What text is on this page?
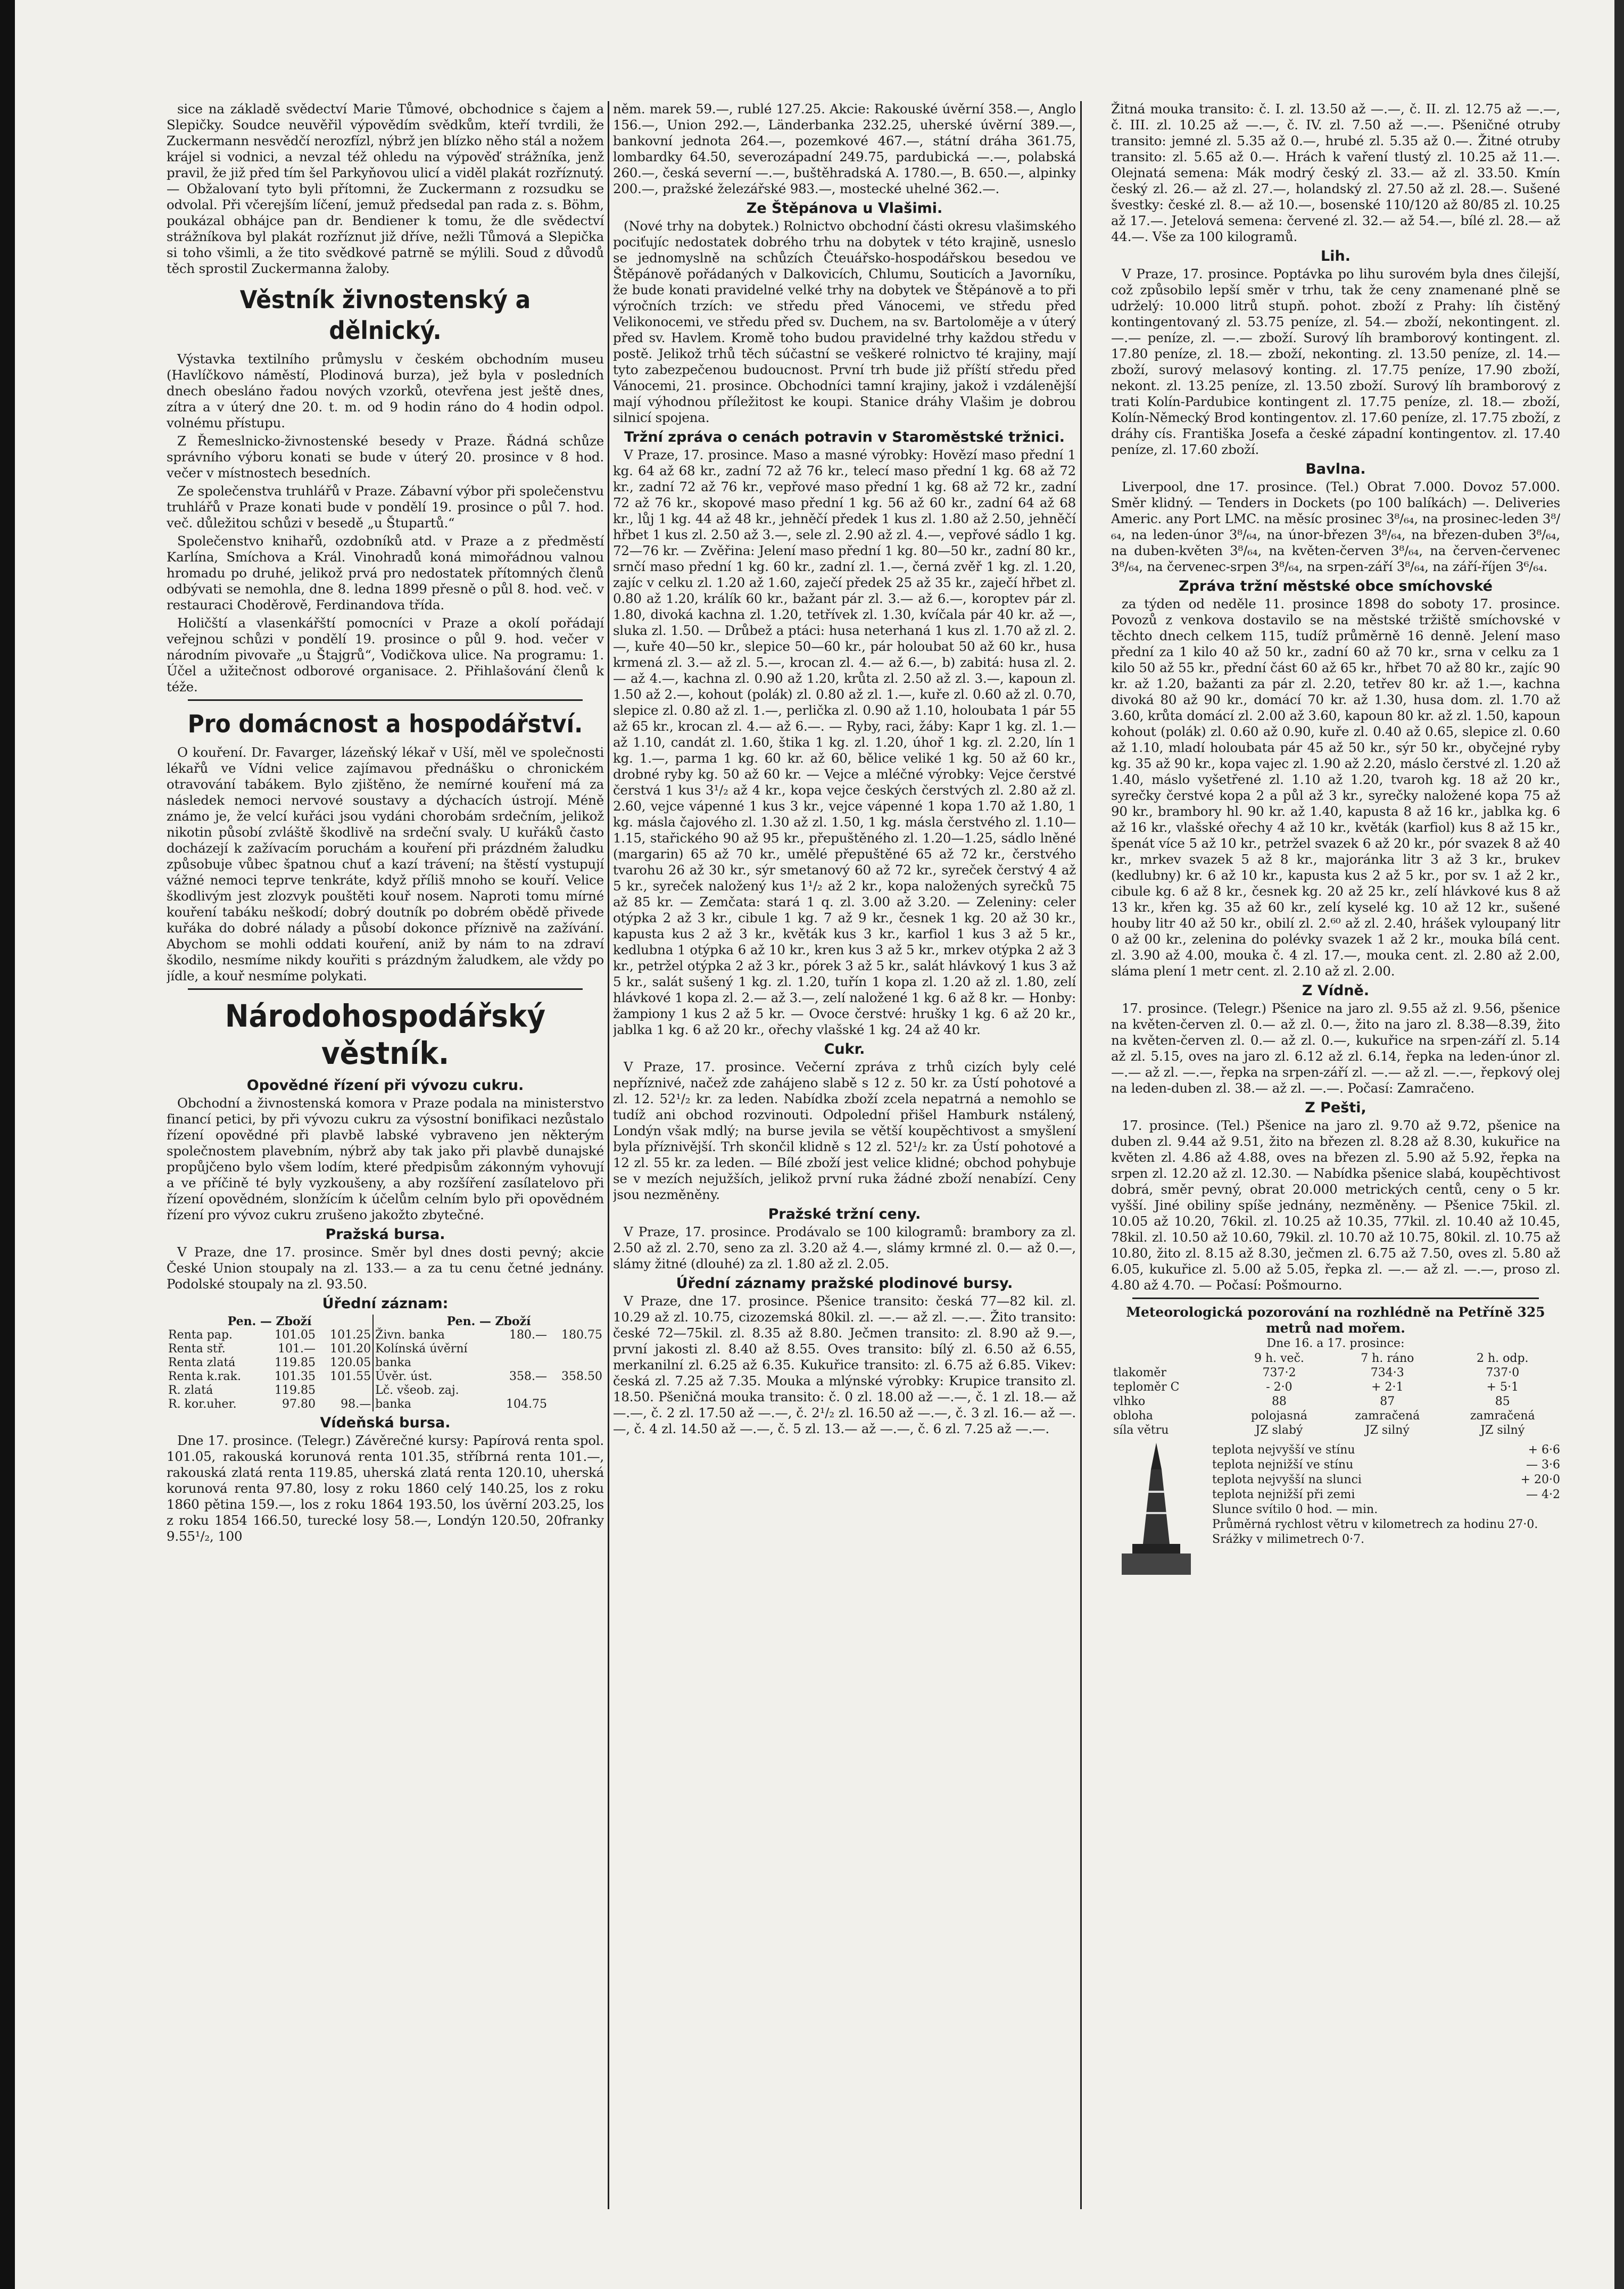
sice na základě svědectví Marie Tůmové, obchodnice s čajem a Slepičky. Soudce neuvěřil výpovědím svědkům, kteří tvrdili, že Zuckermann nesvědčí nerozfízl, nýbrž jen blízko něho stál a nožem krájel si vodnici, a nevzal též ohledu na výpověď strážníka, jenž pravil, že již před tím šel Parkyňovou ulicí a viděl plakát rozříznutý. — Obžalovaní tyto byli přítomni, že Zuckermann z rozsudku se odvolal. Při včerejším líčení, jemuž předsedal pan rada z. s. Böhm, poukázal obhájce pan dr. Bendiener k tomu, že dle svědectví strážníkova byl plakát rozříznut již dříve, nežli Tůmová a Slepička si toho všimli, a že tito svědkové patrně se mýlili. Soud z důvodů těch sprostil Zuckermanna žaloby.

Věstník živnostenský a dělnický.

Výstavka textilního průmyslu v českém obchodním museu (Havlíčkovo náměstí, Plodinová burza), jež byla v posledních dnech obesláno řadou nových vzorků, otevřena jest ještě dnes, zítra a v úterý dne 20. t. m. od 9 hodin ráno do 4 hodin odpol. volnému přístupu.

Z Řemeslnicko-živnostenské besedy v Praze. Řádná schůze správního výboru konati se bude v úterý 20. prosince v 8 hod. večer v místnostech besedních.

Ze společenstva truhlářů v Praze. Zábavní výbor při společenstvu truhlářů v Praze konati bude v pondělí 19. prosince o půl 7. hod. več. důležitou schůzi v besedě „u Štupartů.“

Společenstvo knihařů, ozdobníků atd. v Praze a z předměstí Karlína, Smíchova a Král. Vinohradů koná mimořádnou valnou hromadu po druhé, jelikož prvá pro nedostatek přítomných členů odbývati se nemohla, dne 8. ledna 1899 přesně o půl 8. hod. več. v restauraci Choděrově, Ferdinandova třída.

Holičští a vlasenkářští pomocníci v Praze a okolí pořádají veřejnou schůzi v pondělí 19. prosince o půl 9. hod. večer v národním pivovaře „u Štajgrů“, Vodičkova ulice. Na programu: 1. Účel a užitečnost odborové organisace. 2. Přihlašování členů k téže.

Pro domácnost a hospodářství.

O kouření. Dr. Favarger, lázeňský lékař v Uší, měl ve společnosti lékařů ve Vídni velice zajímavou přednášku o chronickém otravování tabákem. Bylo zjištěno, že nemírné kouření má za následek nemoci nervové soustavy a dýchacích ústrojí. Méně známo je, že velcí kuřáci jsou vydáni chorobám srdečním, jelikož nikotin působí zvláště škodlivě na srdeční svaly. U kuřáků často docházejí k zažívacím poruchám a kouření při prázdném žaludku způsobuje vůbec špatnou chuť a kazí trávení; na štěstí vystupují vážné nemoci teprve tenkráte, když příliš mnoho se kouří. Velice škodlivým jest zlozvyk pouštěti kouř nosem. Naproti tomu mírné kouření tabáku neškodí; dobrý doutník po dobrém obědě přivede kuřáka do dobré nálady a působí dokonce příznivě na zažívání. Abychom se mohli oddati kouření, aniž by nám to na zdraví škodilo, nesmíme nikdy kouřiti s prázdným žaludkem, ale vždy po jídle, a kouř nesmíme polykati.

Národohospodářský věstník.
Opovědné řízení při vývozu cukru.

Obchodní a živnostenská komora v Praze podala na ministerstvo financí petici, by při vývozu cukru za výsostní bonifikaci nezůstalo řízení opovědné při plavbě labské vybraveno jen některým společnostem plavebním, nýbrž aby tak jako při plavbě dunajské propůjčeno bylo všem lodím, které předpisům zákonným vyhovují a ve příčině té byly vyzkoušeny, a aby rozšíření zasílatelovo při řízení opovědném, slonžícím k účelům celním bylo při opovědném řízení pro vývoz cukru zrušeno jakožto zbytečné.

Pražská bursa.

V Praze, dne 17. prosince. Směr byl dnes dosti pevný; akcie České Union stoupaly na zl. 133.— a za tu cenu četné jednány. Podolské stoupaly na zl. 93.50.

Úřední záznam:
Pen. — Zboží			Pen. — Zboží		
Renta pap.	101.05	101.25	Živn. banka	180.—	180.75
Renta stř.	101.—	101.20	Kolínská úvěrní		
Renta zlatá	119.85	120.05	banka		
Renta k.rak.	101.35	101.55	Úvěr. úst.	358.—	358.50
R. zlatá	119.85		Lč. všeob. zaj.		
R. kor.uher.	97.80	98.—	banka	104.75	
Vídeňská bursa.

Dne 17. prosince. (Telegr.) Závěrečné kursy: Papírová renta spol. 101.05, rakouská korunová renta 101.35, stříbrná renta 101.—, rakouská zlatá renta 119.85, uherská zlatá renta 120.10, uherská korunová renta 97.80, losy z roku 1860 celý 140.25, los z roku 1860 pětina 159.—, los z roku 1864 193.50, los úvěrní 203.25, los z roku 1854 166.50, turecké losy 58.—, Londýn 120.50, 20franky 9.55¹/₂, 100

něm. marek 59.—, rublé 127.25. Akcie: Rakouské úvěrní 358.—, Anglo 156.—, Union 292.—, Länderbanka 232.25, uherské úvěrní 389.—, bankovní jednota 264.—, pozemkové 467.—, státní dráha 361.75, lombardky 64.50, severozápadní 249.75, pardubická —.—, polabská 260.—, česká severní —.—, buštěhradská A. 1780.—, B. 650.—, alpinky 200.—, pražské železářské 983.—, mostecké uhelné 362.—.

Ze Štěpánova u Vlašimi.

(Nové trhy na dobytek.) Rolnictvo obchodní části okresu vlašimského pociťujíc nedostatek dobrého trhu na dobytek v této krajině, usneslo se jednomyslně na schůzích Čteuářsko-hospodářskou besedou ve Štěpánově pořádaných v Dalkovicích, Chlumu, Souticích a Javorníku, že bude konati pravidelné velké trhy na dobytek ve Štěpánově a to při výročních trzích: ve středu před Vánocemi, ve středu před Velikonocemi, ve středu před sv. Duchem, na sv. Bartoloměje a v úterý před sv. Havlem. Kromě toho budou pravidelné trhy každou středu v postě. Jelikož trhů těch súčastní se veškeré rolnictvo té krajiny, mají tyto zabezpečenou budoucnost. První trh bude již příští středu před Vánocemi, 21. prosince. Obchodníci tamní krajiny, jakož i vzdálenější mají výhodnou příležitost ke koupi. Stanice dráhy Vlašim je dobrou silnicí spojena.

Tržní zpráva o cenách potravin v Staroměstské tržnici.

V Praze, 17. prosince. Maso a masné výrobky: Hovězí maso přední 1 kg. 64 až 68 kr., zadní 72 až 76 kr., telecí maso přední 1 kg. 68 až 72 kr., zadní 72 až 76 kr., vepřové maso přední 1 kg. 68 až 72 kr., zadní 72 až 76 kr., skopové maso přední 1 kg. 56 až 60 kr., zadní 64 až 68 kr., lůj 1 kg. 44 až 48 kr., jehněčí předek 1 kus zl. 1.80 až 2.50, jehněčí hřbet 1 kus zl. 2.50 až 3.—, sele zl. 2.90 až zl. 4.—, vepřové sádlo 1 kg. 72—76 kr. — Zvěřina: Jelení maso přední 1 kg. 80—50 kr., zadní 80 kr., srnčí maso přední 1 kg. 60 kr., zadní zl. 1.—, černá zvěř 1 kg. zl. 1.20, zajíc v celku zl. 1.20 až 1.60, zaječí předek 25 až 35 kr., zaječí hřbet zl. 0.80 až 1.20, králík 60 kr., bažant pár zl. 3.— až 6.—, koroptev pár zl. 1.80, divoká kachna zl. 1.20, tetřívek zl. 1.30, kvíčala pár 40 kr. až —, sluka zl. 1.50. — Drůbež a ptáci: husa neterhaná 1 kus zl. 1.70 až zl. 2.—, kuře 40—50 kr., slepice 50—60 kr., pár holoubat 50 až 60 kr., husa krmená zl. 3.— až zl. 5.—, krocan zl. 4.— až 6.—, b) zabitá: husa zl. 2.— až 4.—, kachna zl. 0.90 až 1.20, krůta zl. 2.50 až zl. 3.—, kapoun zl. 1.50 až 2.—, kohout (polák) zl. 0.80 až zl. 1.—, kuře zl. 0.60 až zl. 0.70, slepice zl. 0.80 až zl. 1.—, perlička zl. 0.90 až 1.10, holoubata 1 pár 55 až 65 kr., krocan zl. 4.— až 6.—. — Ryby, raci, žáby: Kapr 1 kg. zl. 1.— až 1.10, candát zl. 1.60, štika 1 kg. zl. 1.20, úhoř 1 kg. zl. 2.20, lín 1 kg. 1.—, parma 1 kg. 60 kr. až 60, bělice veliké 1 kg. 50 až 60 kr., drobné ryby kg. 50 až 60 kr. — Vejce a mléčné výrobky: Vejce čerstvé čerstvá 1 kus 3¹/₂ až 4 kr., kopa vejce českých čerstvých zl. 2.80 až zl. 2.60, vejce vápenné 1 kus 3 kr., vejce vápenné 1 kopa 1.70 až 1.80, 1 kg. másla čajového zl. 1.30 až zl. 1.50, 1 kg. másla čerstvého zl. 1.10—1.15, stařického 90 až 95 kr., přepuštěného zl. 1.20—1.25, sádlo lněné (margarin) 65 až 70 kr., umělé přepuštěné 65 až 72 kr., čerstvého tvarohu 26 až 30 kr., sýr smetanový 60 až 72 kr., syreček čerstvý 4 až 5 kr., syreček naložený kus 1¹/₂ až 2 kr., kopa naložených syrečků 75 až 85 kr. — Zemčata: stará 1 q. zl. 3.00 až 3.20. — Zeleniny: celer otýpka 2 až 3 kr., cibule 1 kg. 7 až 9 kr., česnek 1 kg. 20 až 30 kr., kapusta kus 2 až 3 kr., květák kus 3 kr., karfiol 1 kus 3 až 5 kr., kedlubna 1 otýpka 6 až 10 kr., kren kus 3 až 5 kr., mrkev otýpka 2 až 3 kr., petržel otýpka 2 až 3 kr., pórek 3 až 5 kr., salát hlávkový 1 kus 3 až 5 kr., salát sušený 1 kg. zl. 1.20, tuřín 1 kopa zl. 1.20 až zl. 1.80, zelí hlávkové 1 kopa zl. 2.— až 3.—, zelí naložené 1 kg. 6 až 8 kr. — Honby: žampiony 1 kus 2 až 5 kr. — Ovoce čerstvé: hrušky 1 kg. 6 až 20 kr., jablka 1 kg. 6 až 20 kr., ořechy vlašské 1 kg. 24 až 40 kr.

Cukr.

V Praze, 17. prosince. Večerní zpráva z trhů cizích byly celé nepříznivé, načež zde zahájeno slabě s 12 z. 50 kr. za Ústí pohotové a zl. 12. 52¹/₂ kr. za leden. Nabídka zboží zcela nepatrná a nemohlo se tudíž ani obchod rozvinouti. Odpolední přišel Hamburk nstálený, Londýn však mdlý; na burse jevila se větší koupěchtivost a smyšlení byla příznivější. Trh skončil klidně s 12 zl. 52¹/₂ kr. za Ústí pohotové a 12 zl. 55 kr. za leden. — Bílé zboží jest velice klidné; obchod pohybuje se v mezích nejužších, jelikož první ruka žádné zboží nenabízí. Ceny jsou nezměněny.

Pražské tržní ceny.

V Praze, 17. prosince. Prodávalo se 100 kilogramů: brambory za zl. 2.50 až zl. 2.70, seno za zl. 3.20 až 4.—, slámy krmné zl. 0.— až 0.—, slámy žitné (dlouhé) za zl. 1.80 až zl. 2.05.

Úřední záznamy pražské plodinové bursy.

V Praze, dne 17. prosince. Pšenice transito: česká 77—82 kil. zl. 10.29 až zl. 10.75, cizozemská 80kil. zl. —.— až zl. —.—. Žito transito: české 72—75kil. zl. 8.35 až 8.80. Ječmen transito: zl. 8.90 až 9.—, první jakosti zl. 8.40 až 8.55. Oves transito: bílý zl. 6.50 až 6.55, merkanilní zl. 6.25 až 6.35. Kukuřice transito: zl. 6.75 až 6.85. Vikev: česká zl. 7.25 až 7.35. Mouka a mlýnské výrobky: Krupice transito zl. 18.50. Pšeničná mouka transito: č. 0 zl. 18.00 až —.—, č. 1 zl. 18.— až —.—, č. 2 zl. 17.50 až —.—, č. 2¹/₂ zl. 16.50 až —.—, č. 3 zl. 16.— až —.—, č. 4 zl. 14.50 až —.—, č. 5 zl. 13.— až —.—, č. 6 zl. 7.25 až —.—.

Žitná mouka transito: č. I. zl. 13.50 až —.—, č. II. zl. 12.75 až —.—, č. III. zl. 10.25 až —.—, č. IV. zl. 7.50 až —.—. Pšeničné otruby transito: jemné zl. 5.35 až 0.—, hrubé zl. 5.35 až 0.—. Žitné otruby transito: zl. 5.65 až 0.—. Hrách k vaření tlustý zl. 10.25 až 11.—. Olejnatá semena: Mák modrý český zl. 33.— až zl. 33.50. Kmín český zl. 26.— až zl. 27.—, holandský zl. 27.50 až zl. 28.—. Sušené švestky: české zl. 8.— až 10.—, bosenské 110/120 až 80/85 zl. 10.25 až 17.—. Jetelová semena: červené zl. 32.— až 54.—, bílé zl. 28.— až 44.—. Vše za 100 kilogramů.

Lih.

V Praze, 17. prosince. Poptávka po lihu surovém byla dnes čilejší, což způsobilo lepší směr v trhu, tak že ceny znamenané plně se udrželý: 10.000 litrů stupň. pohot. zboží z Prahy: líh čistěný kontingentovaný zl. 53.75 peníze, zl. 54.— zboží, nekontingent. zl. —.— peníze, zl. —.— zboží. Surový líh bramborový kontingent. zl. 17.80 peníze, zl. 18.— zboží, nekonting. zl. 13.50 peníze, zl. 14.— zboží, surový melasový konting. zl. 17.75 peníze, 17.90 zboží, nekont. zl. 13.25 peníze, zl. 13.50 zboží. Surový líh bramborový z trati Kolín-Pardubice kontingent zl. 17.75 peníze, zl. 18.— zboží, Kolín-Německý Brod kontingentov. zl. 17.60 peníze, zl. 17.75 zboží, z dráhy cís. Františka Josefa a české západní kontingentov. zl. 17.40 peníze, zl. 17.60 zboží.

Bavlna.

Liverpool, dne 17. prosince. (Tel.) Obrat 7.000. Dovoz 57.000. Směr klidný. — Tenders in Dockets (po 100 balíkách) —. Deliveries Americ. any Port LMC. na měsíc prosinec 3⁸/₆₄, na prosinec-leden 3⁸/₆₄, na leden-únor 3⁸/₆₄, na únor-březen 3⁸/₆₄, na březen-duben 3⁸/₆₄, na duben-květen 3⁸/₆₄, na květen-červen 3⁸/₆₄, na červen-červenec 3⁸/₆₄, na červenec-srpen 3⁸/₆₄, na srpen-září 3⁸/₆₄, na září-říjen 3⁶/₆₄.

Zpráva tržní městské obce smíchovské

za týden od neděle 11. prosince 1898 do soboty 17. prosince. Povozů z venkova dostavilo se na městské tržiště smíchovské v těchto dnech celkem 115, tudíž průměrně 16 denně. Jelení maso přední za 1 kilo 40 až 50 kr., zadní 60 až 70 kr., srna v celku za 1 kilo 50 až 55 kr., přední část 60 až 65 kr., hřbet 70 až 80 kr., zajíc 90 kr. až 1.20, bažanti za pár zl. 2.20, tetřev 80 kr. až 1.—, kachna divoká 80 až 90 kr., domácí 70 kr. až 1.30, husa dom. zl. 1.70 až 3.60, krůta domácí zl. 2.00 až 3.60, kapoun 80 kr. až zl. 1.50, kapoun kohout (polák) zl. 0.60 až 0.90, kuře zl. 0.40 až 0.65, slepice zl. 0.60 až 1.10, mladí holoubata pár 45 až 50 kr., sýr 50 kr., obyčejné ryby kg. 35 až 90 kr., kopa vajec zl. 1.90 až 2.20, máslo čerstvé zl. 1.20 až 1.40, máslo vyšetřené zl. 1.10 až 1.20, tvaroh kg. 18 až 20 kr., syrečky čerstvé kopa 2 a půl až 3 kr., syrečky naložené kopa 75 až 90 kr., brambory hl. 90 kr. až 1.40, kapusta 8 až 16 kr., jablka kg. 6 až 16 kr., vlašské ořechy 4 až 10 kr., květák (karfiol) kus 8 až 15 kr., špenát více 5 až 10 kr., petržel svazek 6 až 20 kr., pór svazek 8 až 40 kr., mrkev svazek 5 až 8 kr., majoránka litr 3 až 3 kr., brukev (kedlubny) kr. 6 až 10 kr., kapusta kus 2 až 5 kr., por sv. 1 až 2 kr., cibule kg. 6 až 8 kr., česnek kg. 20 až 25 kr., zelí hlávkové kus 8 až 13 kr., křen kg. 35 až 60 kr., zelí kyselé kg. 10 až 12 kr., sušené houby litr 40 až 50 kr., obilí zl. 2.⁶⁰ až zl. 2.40, hrášek vyloupaný litr 0 až 00 kr., zelenina do polévky svazek 1 až 2 kr., mouka bílá cent. zl. 3.90 až 4.00, mouka č. 4 zl. 17.—, mouka cent. zl. 2.80 až 2.00, sláma plení 1 metr cent. zl. 2.10 až zl. 2.00.

Z Vídně.

17. prosince. (Telegr.) Pšenice na jaro zl. 9.55 až zl. 9.56, pšenice na květen-červen zl. 0.— až zl. 0.—, žito na jaro zl. 8.38—8.39, žito na květen-červen zl. 0.— až zl. 0.—, kukuřice na srpen-září zl. 5.14 až zl. 5.15, oves na jaro zl. 6.12 až zl. 6.14, řepka na leden-únor zl. —.— až zl. —.—, řepka na srpen-září zl. —.— až zl. —.—, řepkový olej na leden-duben zl. 38.— až zl. —.—. Počasí: Zamračeno.

Z Pešti,

17. prosince. (Tel.) Pšenice na jaro zl. 9.70 až 9.72, pšenice na duben zl. 9.44 až 9.51, žito na březen zl. 8.28 až 8.30, kukuřice na květen zl. 4.86 až 4.88, oves na březen zl. 5.90 až 5.92, řepka na srpen zl. 12.20 až zl. 12.30. — Nabídka pšenice slabá, koupěchtivost dobrá, směr pevný, obrat 20.000 metrických centů, ceny o 5 kr. vyšší. Jiné obiliny spíše jednány, nezměněny. — Pšenice 75kil. zl. 10.05 až 10.20, 76kil. zl. 10.25 až 10.35, 77kil. zl. 10.40 až 10.45, 78kil. zl. 10.50 až 10.60, 79kil. zl. 10.70 až 10.75, 80kil. zl. 10.75 až 10.80, žito zl. 8.15 až 8.30, ječmen zl. 6.75 až 7.50, oves zl. 5.80 až 6.05, kukuřice zl. 5.00 až 5.05, řepka zl. —.— až zl. —.—, proso zl. 4.80 až 4.70. — Počasí: Pošmourno.

Meteorologická pozorování na rozhlédně na Petříně 325 metrů nad mořem.
Dne 16. a 17. prosince:
	9 h. več.	7 h. ráno	2 h. odp.
tlakoměr	737·2	734·3	737·0
teploměr C	- 2·0	+ 2·1	+ 5·1
vlhko	88	87	85
obloha	polojasná	zamračená	zamračená
síla větru	JZ slabý	JZ silný	JZ silný
teplota nejvyšší ve stínu	+ 6·6
teplota nejnižší ve stínu	— 3·6
teplota nejvyšší na slunci	+ 20·0
teplota nejnižší při zemi	— 4·2
Slunce svítilo 0 hod. — min.
Průměrná rychlost větru v kilometrech za hodinu 27·0.
Srážky v milimetrech 0·7.
